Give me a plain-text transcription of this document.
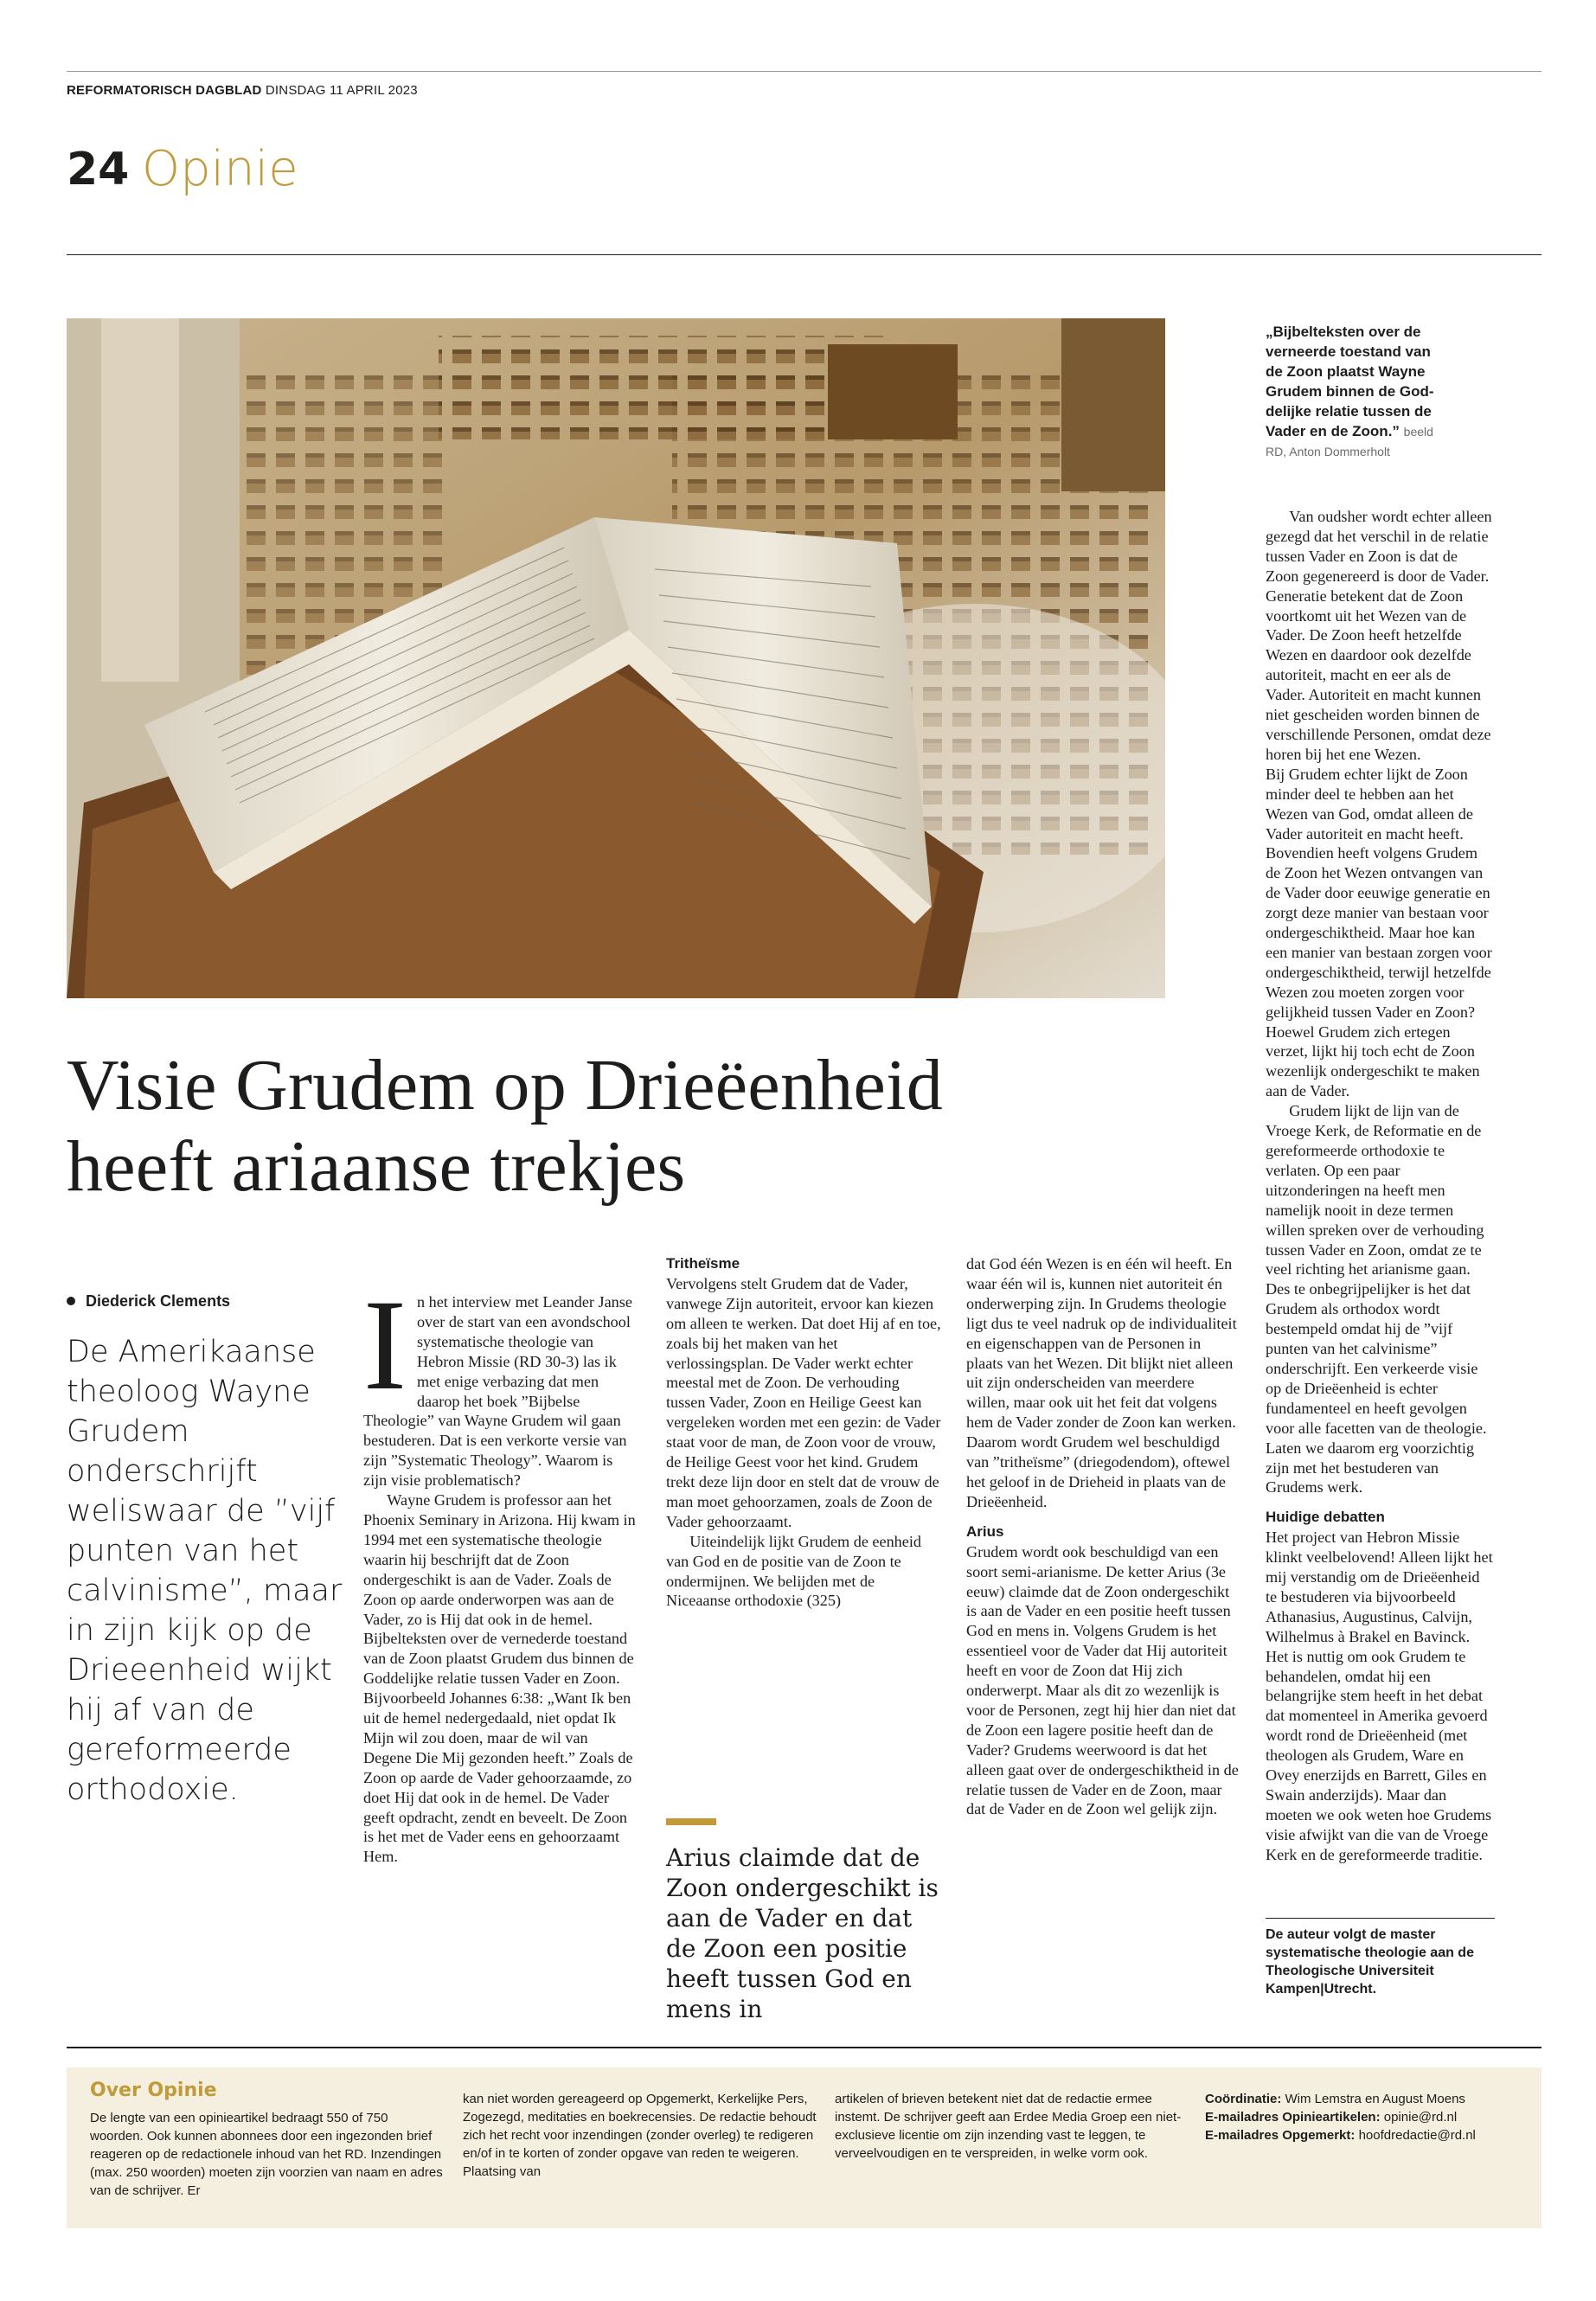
REFORMATORISCH DAGBLAD DINSDAG 11 APRIL 2023
24 Opinie
„Bijbelteksten over de
verneerde toestand van
de Zoon plaatst Wayne
Grudem binnen de God-
delijke relatie tussen de
Vader en de Zoon.” beeld
RD, Anton Dommerholt
Visie Grudem op Drieëenheid
heeft ariaanse trekjes
Diederick Clements
De Amerikaanse theoloog Wayne Grudem onderschrijft weliswaar de ”vijf punten van het calvinisme”, maar in zijn kijk op de Drieeenheid wijkt hij af van de gereformeerde orthodoxie.
I n het interview met Leander Janse over de start van een avondschool systematische theologie van Hebron Missie (RD 30-3) las ik met enige verbazing dat men daarop het boek ”Bijbelse Theologie” van Wayne Grudem wil gaan bestuderen. Dat is een verkorte versie van zijn ”Systematic Theology”. Waarom is zijn visie problematisch?

Wayne Grudem is professor aan het Phoenix Seminary in Arizona. Hij kwam in 1994 met een systematische theologie waarin hij beschrijft dat de Zoon ondergeschikt is aan de Vader. Zoals de Zoon op aarde onderworpen was aan de Vader, zo is Hij dat ook in de hemel. Bijbelteksten over de vernederde toestand van de Zoon plaatst Grudem dus binnen de Goddelijke relatie tussen Vader en Zoon. Bijvoorbeeld Johannes 6:38: „Want Ik ben uit de hemel nedergedaald, niet opdat Ik Mijn wil zou doen, maar de wil van Degene Die Mij gezonden heeft.” Zoals de Zoon op aarde de Vader gehoorzaamde, zo doet Hij dat ook in de hemel. De Vader geeft opdracht, zendt en beveelt. De Zoon is het met de Vader eens en gehoorzaamt Hem.

Tritheïsme

Vervolgens stelt Grudem dat de Vader, vanwege Zijn autoriteit, ervoor kan kiezen om alleen te werken. Dat doet Hij af en toe, zoals bij het maken van het verlossingsplan. De Vader werkt echter meestal met de Zoon. De verhouding tussen Vader, Zoon en Heilige Geest kan vergeleken worden met een gezin: de Vader staat voor de man, de Zoon voor de vrouw, de Heilige Geest voor het kind. Grudem trekt deze lijn door en stelt dat de vrouw de man moet gehoorzamen, zoals de Zoon de Vader gehoorzaamt.

Uiteindelijk lijkt Grudem de eenheid van God en de positie van de Zoon te ondermijnen. We belijden met de Niceaanse orthodoxie (325)

Arius claimde dat de Zoon ondergeschikt is aan de Vader en dat de Zoon een positie heeft tussen God en mens in

dat God één Wezen is en één wil heeft. En waar één wil is, kunnen niet autoriteit én onderwerping zijn. In Grudems theologie ligt dus te veel nadruk op de individualiteit en eigenschappen van de Personen in plaats van het Wezen. Dit blijkt niet alleen uit zijn onderscheiden van meerdere willen, maar ook uit het feit dat volgens hem de Vader zonder de Zoon kan werken. Daarom wordt Grudem wel beschuldigd van ”tritheïsme” (driegodendom), oftewel het geloof in de Drieheid in plaats van de Drieëenheid.

Arius

Grudem wordt ook beschuldigd van een soort semi-arianisme. De ketter Arius (3e eeuw) claimde dat de Zoon ondergeschikt is aan de Vader en een positie heeft tussen God en mens in. Volgens Grudem is het essentieel voor de Vader dat Hij autoriteit heeft en voor de Zoon dat Hij zich onderwerpt. Maar als dit zo wezenlijk is voor de Personen, zegt hij hier dan niet dat de Zoon een lagere positie heeft dan de Vader? Grudems weerwoord is dat het alleen gaat over de ondergeschiktheid in de relatie tussen de Vader en de Zoon, maar dat de Vader en de Zoon wel gelijk zijn.

Van oudsher wordt echter alleen gezegd dat het verschil in de relatie tussen Vader en Zoon is dat de Zoon gegenereerd is door de Vader. Generatie betekent dat de Zoon voortkomt uit het Wezen van de Vader. De Zoon heeft hetzelfde Wezen en daardoor ook dezelfde autoriteit, macht en eer als de Vader. Autoriteit en macht kunnen niet gescheiden worden binnen de verschillende Personen, omdat deze horen bij het ene Wezen.

Bij Grudem echter lijkt de Zoon minder deel te hebben aan het Wezen van God, omdat alleen de Vader autoriteit en macht heeft. Bovendien heeft volgens Grudem de Zoon het Wezen ontvangen van de Vader door eeuwige generatie en zorgt deze manier van bestaan voor ondergeschiktheid. Maar hoe kan een manier van bestaan zorgen voor ondergeschiktheid, terwijl hetzelfde Wezen zou moeten zorgen voor gelijkheid tussen Vader en Zoon? Hoewel Grudem zich ertegen verzet, lijkt hij toch echt de Zoon wezenlijk ondergeschikt te maken aan de Vader.

Grudem lijkt de lijn van de Vroege Kerk, de Reformatie en de gereformeerde orthodoxie te verlaten. Op een paar uitzonderingen na heeft men namelijk nooit in deze termen willen spreken over de verhouding tussen Vader en Zoon, omdat ze te veel richting het arianisme gaan. Des te onbegrijpelijker is het dat Grudem als orthodox wordt bestempeld omdat hij de ”vijf punten van het calvinisme” onderschrijft. Een verkeerde visie op de Drieëenheid is echter fundamenteel en heeft gevolgen voor alle facetten van de theologie. Laten we daarom erg voorzichtig zijn met het bestuderen van Grudems werk.

Huidige debatten

Het project van Hebron Missie klinkt veelbelovend! Alleen lijkt het mij verstandig om de Drieëenheid te bestuderen via bijvoorbeeld Athanasius, Augustinus, Calvijn, Wilhelmus à Brakel en Bavinck. Het is nuttig om ook Grudem te behandelen, omdat hij een belangrijke stem heeft in het debat dat momenteel in Amerika gevoerd wordt rond de Drieëenheid (met theologen als Grudem, Ware en Ovey enerzijds en Barrett, Giles en Swain anderzijds). Maar dan moeten we ook weten hoe Grudems visie afwijkt van die van de Vroege Kerk en de gereformeerde traditie.

De auteur volgt de master systematische theologie aan de Theologische Universiteit Kampen|Utrecht.
Over Opinie
De lengte van een opinieartikel bedraagt 550 of 750 woorden. Ook kunnen abonnees door een ingezonden brief reageren op de redactionele inhoud van het RD. Inzendingen (max. 250 woorden) moeten zijn voorzien van naam en adres van de schrijver. Er
kan niet worden gereageerd op Opgemerkt, Kerkelijke Pers, Zogezegd, meditaties en boekrecensies. De redactie behoudt zich het recht voor inzendingen (zonder overleg) te redigeren en/of in te korten of zonder opgave van reden te weigeren. Plaatsing van
artikelen of brieven betekent niet dat de redactie ermee instemt. De schrijver geeft aan Erdee Media Groep een niet-exclusieve licentie om zijn inzending vast te leggen, te verveelvoudigen en te verspreiden, in welke vorm ook.
Coördinatie: Wim Lemstra en August Moens
E-mailadres Opinieartikelen: opinie@rd.nl
E-mailadres Opgemerkt: hoofdredactie@rd.nl
